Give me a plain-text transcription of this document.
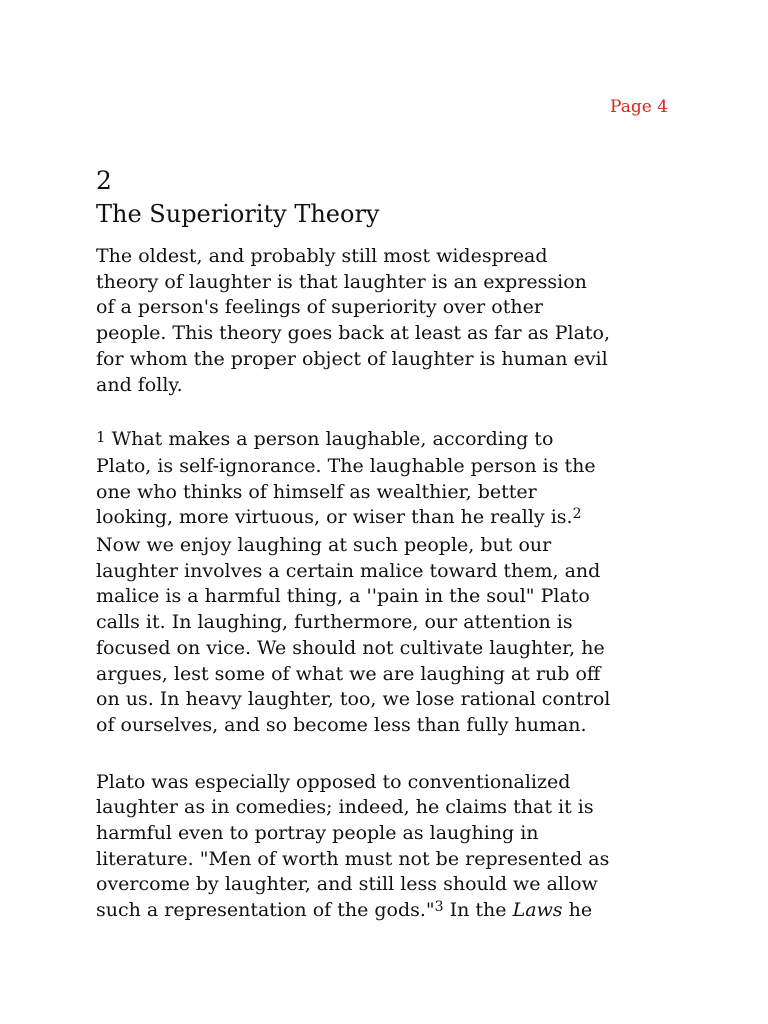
Page 4

2
The Superiority Theory

The oldest, and probably still most widespread
theory of laughter is that laughter is an expression
of a person's feelings of superiority over other
people. This theory goes back at least as far as Plato,
for whom the proper object of laughter is human evil
and folly.

1 What makes a person laughable, according to
Plato, is self-ignorance. The laughable person is the
one who thinks of himself as wealthier, better
looking, more virtuous, or wiser than he really is.$^2$
Now we enjoy laughing at such people, but our
laughter involves a certain malice toward them, and
malice is a harmful thing, a ''pain in the soul" Plato
calls it. In laughing, furthermore, our attention is
focused on vice. We should not cultivate laughter, he
argues, lest some of what we are laughing at rub off
on us. In heavy laughter, too, we lose rational control
of ourselves, and so become less than fully human.

Plato was especially opposed to conventionalized
laughter as in comedies; indeed, he claims that it is
harmful even to portray people as laughing in
literature. "Men of worth must not be represented as
overcome by laughter, and still less should we allow
such a representation of the gods."$^3$ In the Laws he
